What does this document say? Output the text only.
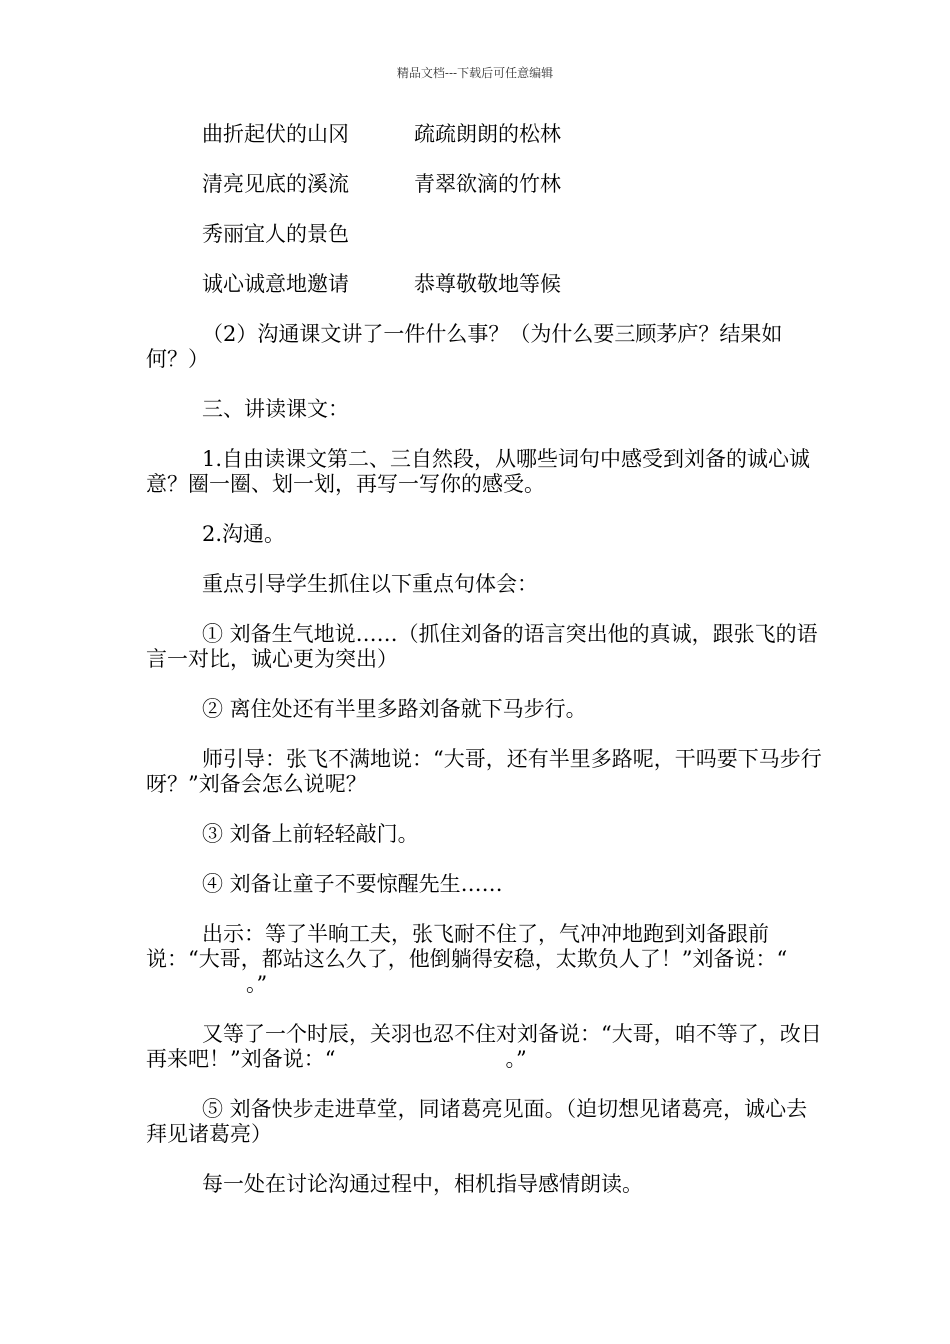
精品文档---下载后可任意编辑
曲折起伏的山冈	疏疏朗朗的松林
清亮见底的溪流	青翠欲滴的竹林
秀丽宜人的景色
诚心诚意地邀请	恭尊敬敬地等候

（2）沟通课文讲了一件什么事？（为什么要三顾茅庐？结果如何？）

三、讲读课文：

1.自由读课文第二、三自然段，从哪些词句中感受到刘备的诚心诚意？圈一圈、划一划，再写一写你的感受。

2.沟通。

重点引导学生抓住以下重点句体会：

① 刘备生气地说……（抓住刘备的语言突出他的真诚，跟张飞的语言一对比，诚心更为突出）

② 离住处还有半里多路刘备就下马步行。

师引导：张飞不满地说：“大哥，还有半里多路呢，干吗要下马步行呀？”刘备会怎么说呢？

③ 刘备上前轻轻敲门。

④ 刘备让童子不要惊醒先生……

出示：等了半晌工夫，张飞耐不住了，气冲冲地跑到刘备跟前说：“大哥，都站这么久了，他倒躺得安稳，太欺负人了！”刘备说：“。”

又等了一个时辰，关羽也忍不住对刘备说：“大哥，咱不等了，改日再来吧！”刘备说：“	。”

⑤ 刘备快步走进草堂，同诸葛亮见面。（迫切想见诸葛亮，诚心去拜见诸葛亮）

每一处在讨论沟通过程中，相机指导感情朗读。
